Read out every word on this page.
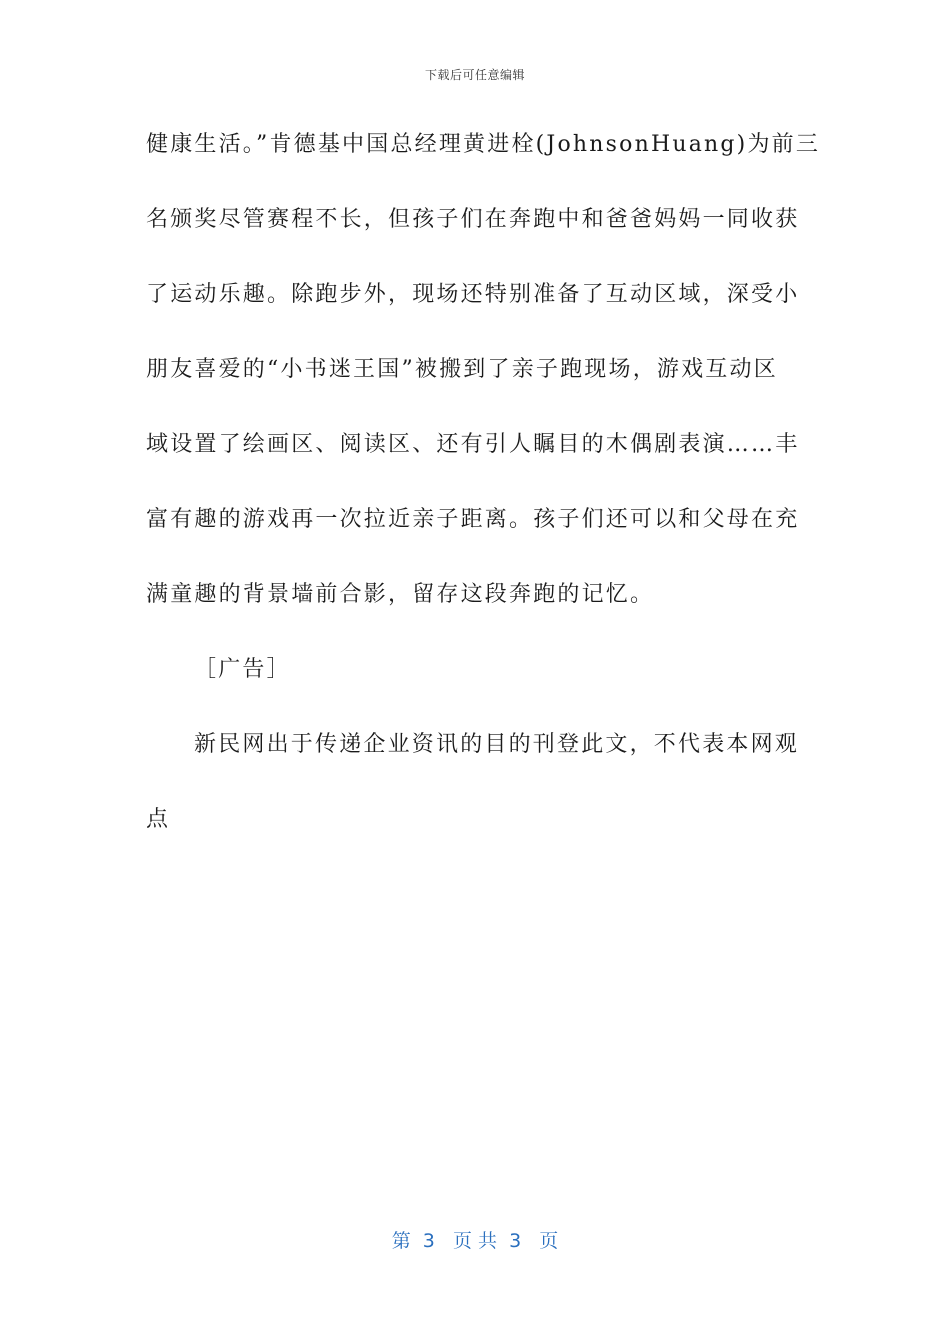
下载后可任意编辑
健康生活。”肯德基中国总经理黄进栓(JohnsonHuang)为前三
名颁奖尽管赛程不长，但孩子们在奔跑中和爸爸妈妈一同收获
了运动乐趣。除跑步外，现场还特别准备了互动区域，深受小
朋友喜爱的“小书迷王国”被搬到了亲子跑现场，游戏互动区
域设置了绘画区、阅读区、还有引人瞩目的木偶剧表演……丰
富有趣的游戏再一次拉近亲子距离。孩子们还可以和父母在充
满童趣的背景墙前合影，留存这段奔跑的记忆。
［广告］
新民网出于传递企业资讯的目的刊登此文，不代表本网观
点
第  3   页 共  3   页
